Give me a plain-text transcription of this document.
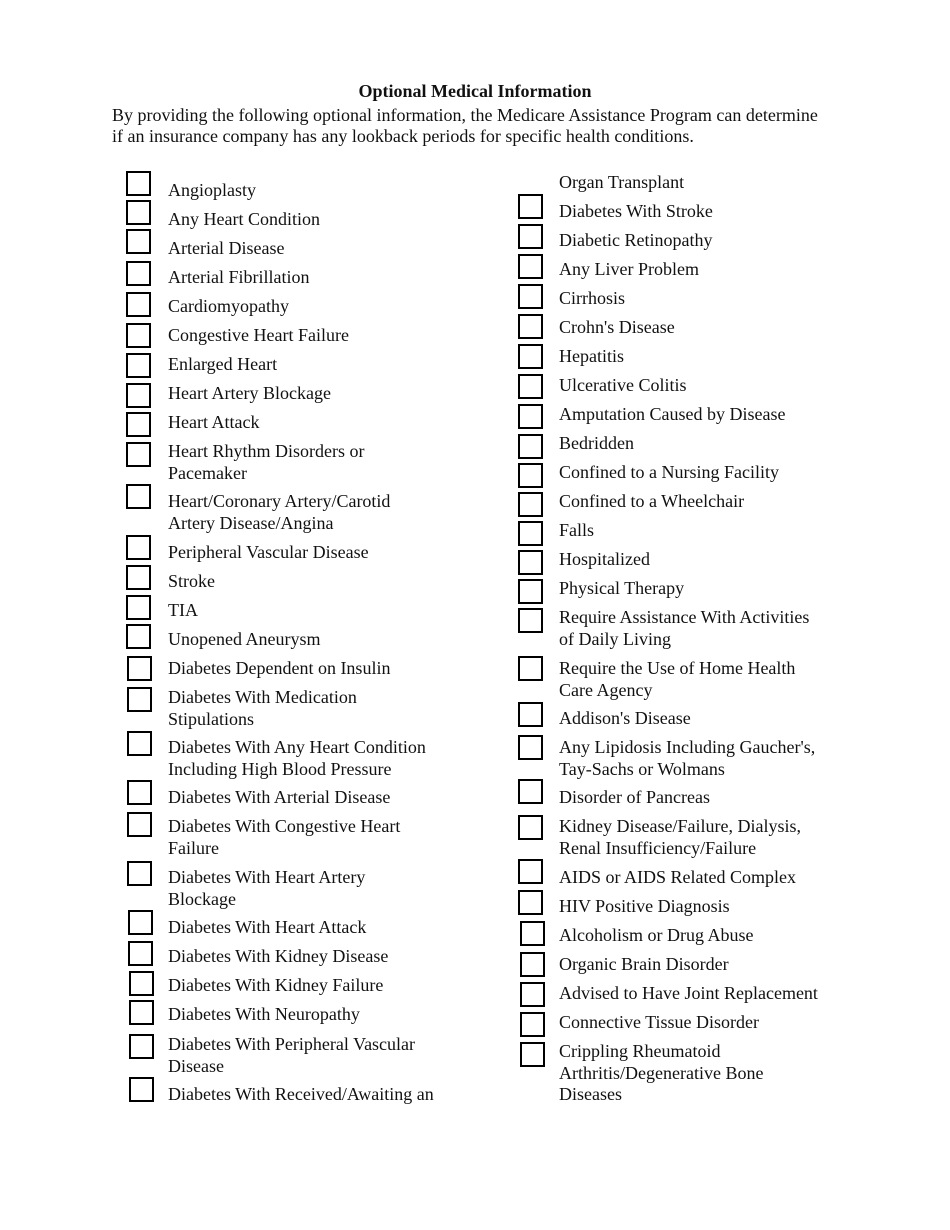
Optional Medical Information
By providing the following optional information, the Medicare Assistance Program can determine if an insurance company has any lookback periods for specific health conditions.
Angioplasty
Any Heart Condition
Arterial Disease
Arterial Fibrillation
Cardiomyopathy
Congestive Heart Failure
Enlarged Heart
Heart Artery Blockage
Heart Attack
Heart Rhythm Disorders or
Pacemaker
Heart/Coronary Artery/Carotid
Artery Disease/Angina
Peripheral Vascular Disease
Stroke
TIA
Unopened Aneurysm
Diabetes Dependent on Insulin
Diabetes With Medication
Stipulations
Diabetes With Any Heart Condition
Including High Blood Pressure
Diabetes With Arterial Disease
Diabetes With Congestive Heart
Failure
Diabetes With Heart Artery
Blockage
Diabetes With Heart Attack
Diabetes With Kidney Disease
Diabetes With Kidney Failure
Diabetes With Neuropathy
Diabetes With Peripheral Vascular
Disease
Diabetes With Received/Awaiting an
Organ Transplant
Diabetes With Stroke
Diabetic Retinopathy
Any Liver Problem
Cirrhosis
Crohn's Disease
Hepatitis
Ulcerative Colitis
Amputation Caused by Disease
Bedridden
Confined to a Nursing Facility
Confined to a Wheelchair
Falls
Hospitalized
Physical Therapy
Require Assistance With Activities
of Daily Living
Require the Use of Home Health
Care Agency
Addison's Disease
Any Lipidosis Including Gaucher's,
Tay-Sachs or Wolmans
Disorder of Pancreas
Kidney Disease/Failure, Dialysis,
Renal Insufficiency/Failure
AIDS or AIDS Related Complex
HIV Positive Diagnosis
Alcoholism or Drug Abuse
Organic Brain Disorder
Advised to Have Joint Replacement
Connective Tissue Disorder
Crippling Rheumatoid
Arthritis/Degenerative Bone
Diseases
